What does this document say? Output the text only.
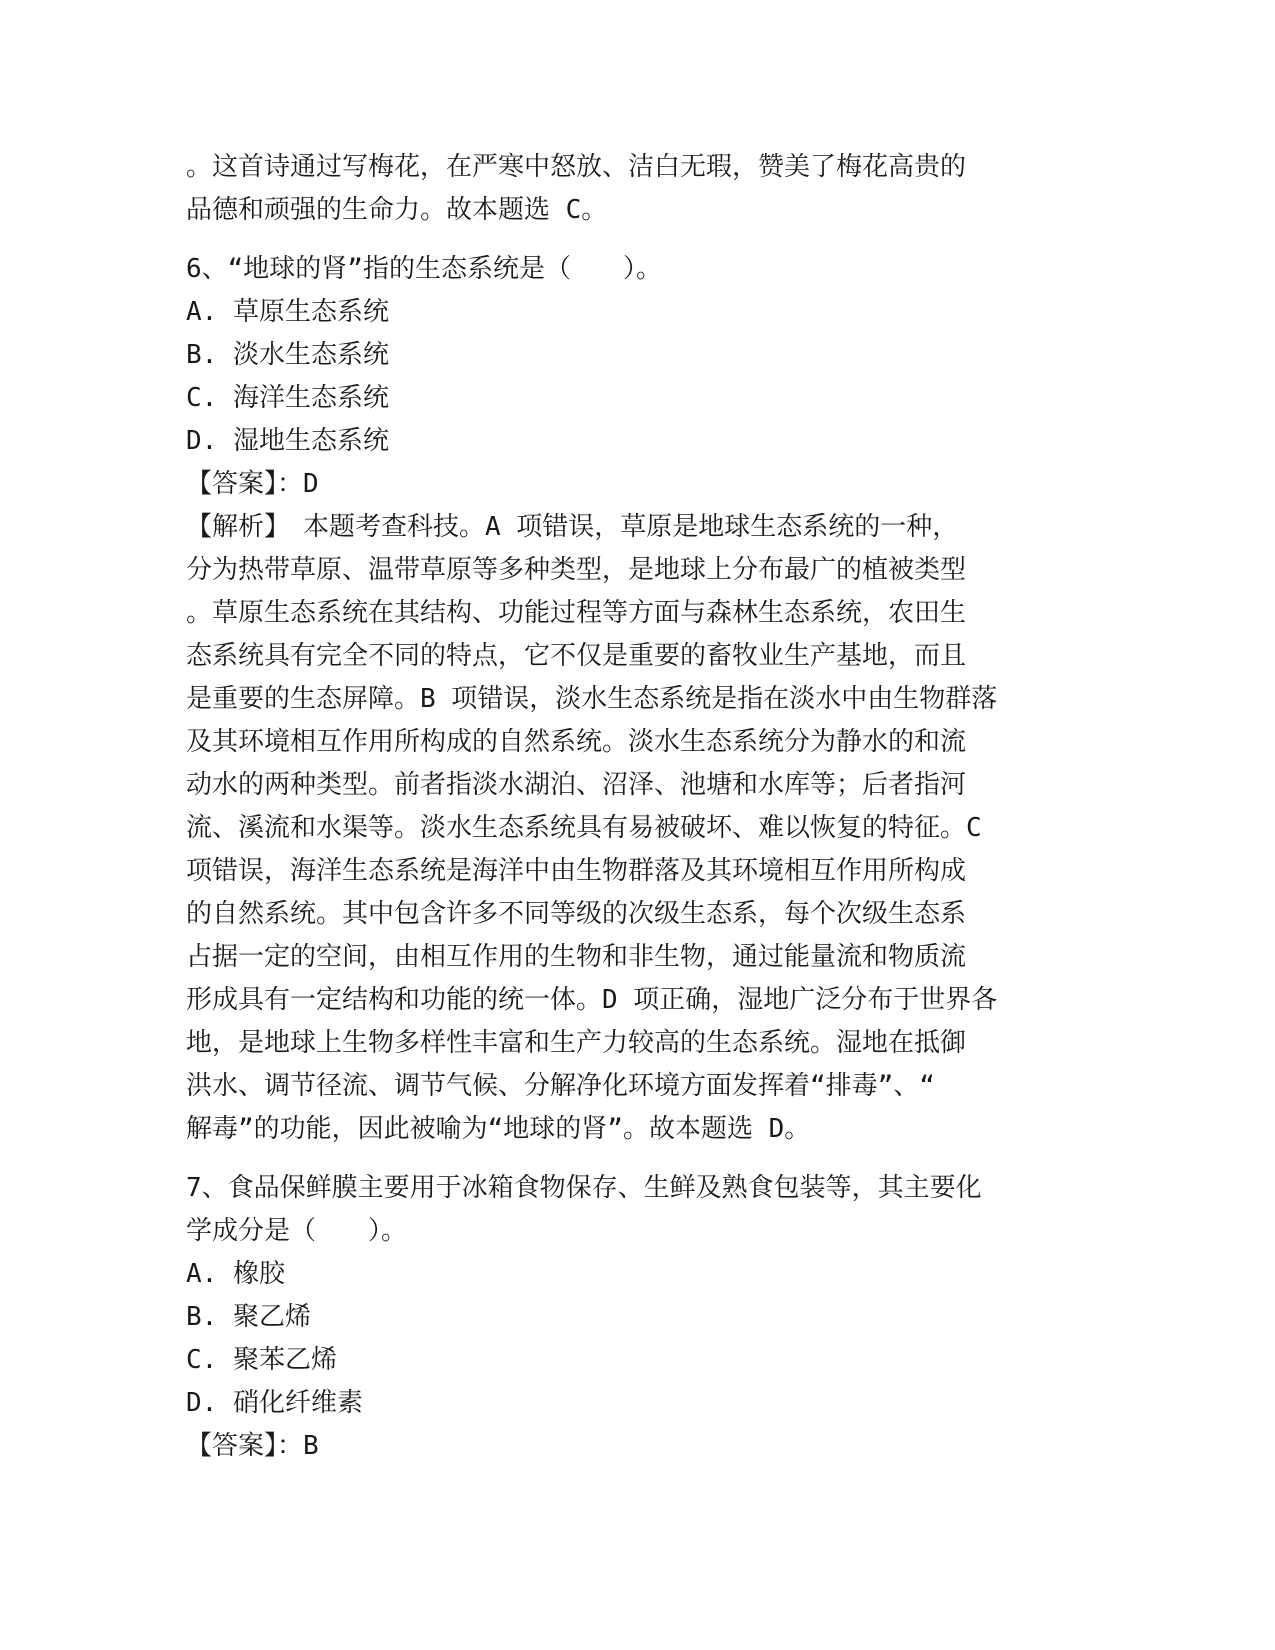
。这首诗通过写梅花，在严寒中怒放、洁白无瑕，赞美了梅花高贵的
品德和顽强的生命力。故本题选 C。
6、“地球的肾”指的生态系统是（　　）。
A. 草原生态系统
B. 淡水生态系统
C. 海洋生态系统
D. 湿地生态系统
【答案】：D
【解析】　本题考查科技。A 项错误，草原是地球生态系统的一种，
分为热带草原、温带草原等多种类型，是地球上分布最广的植被类型
。草原生态系统在其结构、功能过程等方面与森林生态系统，农田生
态系统具有完全不同的特点，它不仅是重要的畜牧业生产基地，而且
是重要的生态屏障。B 项错误，淡水生态系统是指在淡水中由生物群落
及其环境相互作用所构成的自然系统。淡水生态系统分为静水的和流
动水的两种类型。前者指淡水湖泊、沼泽、池塘和水库等；后者指河
流、溪流和水渠等。淡水生态系统具有易被破坏、难以恢复的特征。C
项错误，海洋生态系统是海洋中由生物群落及其环境相互作用所构成
的自然系统。其中包含许多不同等级的次级生态系，每个次级生态系
占据一定的空间，由相互作用的生物和非生物，通过能量流和物质流
形成具有一定结构和功能的统一体。D 项正确，湿地广泛分布于世界各
地，是地球上生物多样性丰富和生产力较高的生态系统。湿地在抵御
洪水、调节径流、调节气候、分解净化环境方面发挥着“排毒”、“
解毒”的功能，因此被喻为“地球的肾”。故本题选 D。
7、食品保鲜膜主要用于冰箱食物保存、生鲜及熟食包装等，其主要化
学成分是（　　）。
A. 橡胶
B. 聚乙烯
C. 聚苯乙烯
D. 硝化纤维素
【答案】：B
